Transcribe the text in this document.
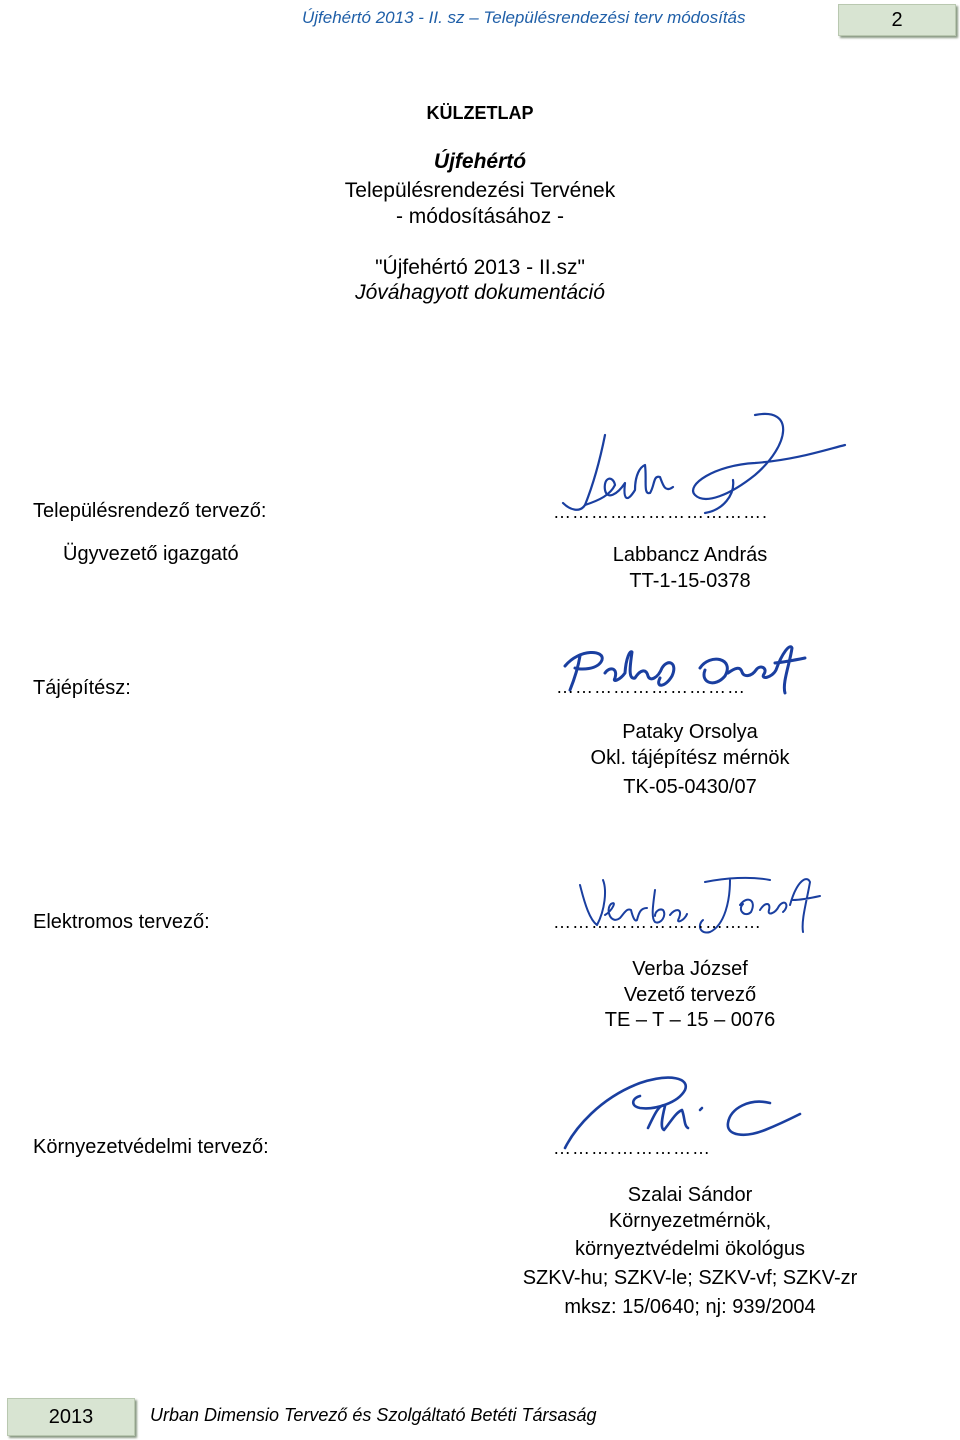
Újfehértó 2013 - II. sz – Településrendezési terv módosítás	2
KÜLZETLAP
Újfehértó
Településrendezési Tervének
- módosításához -
"Újfehértó 2013 - II.sz"
Jóváhagyott dokumentáció
Településrendező tervező:	…………………………….
Ügyvezető igazgató	Labbancz András
TT-1-15-0378
Tájépítész:	…………………………
Pataky Orsolya
Okl. tájépítész mérnök
TK-05-0430/07
Elektromos tervező:	……………………………
Verba József
Vezető tervező
TE – T – 15 – 0076
Környezetvédelmi tervező:	……….……………
Szalai Sándor
Környezetmérnök,
környeztvédelmi ökológus
SZKV-hu; SZKV-le; SZKV-vf; SZKV-zr
mksz: 15/0640; nj: 939/2004
2013	Urban Dimensio Tervező és Szolgáltató Betéti Társaság
